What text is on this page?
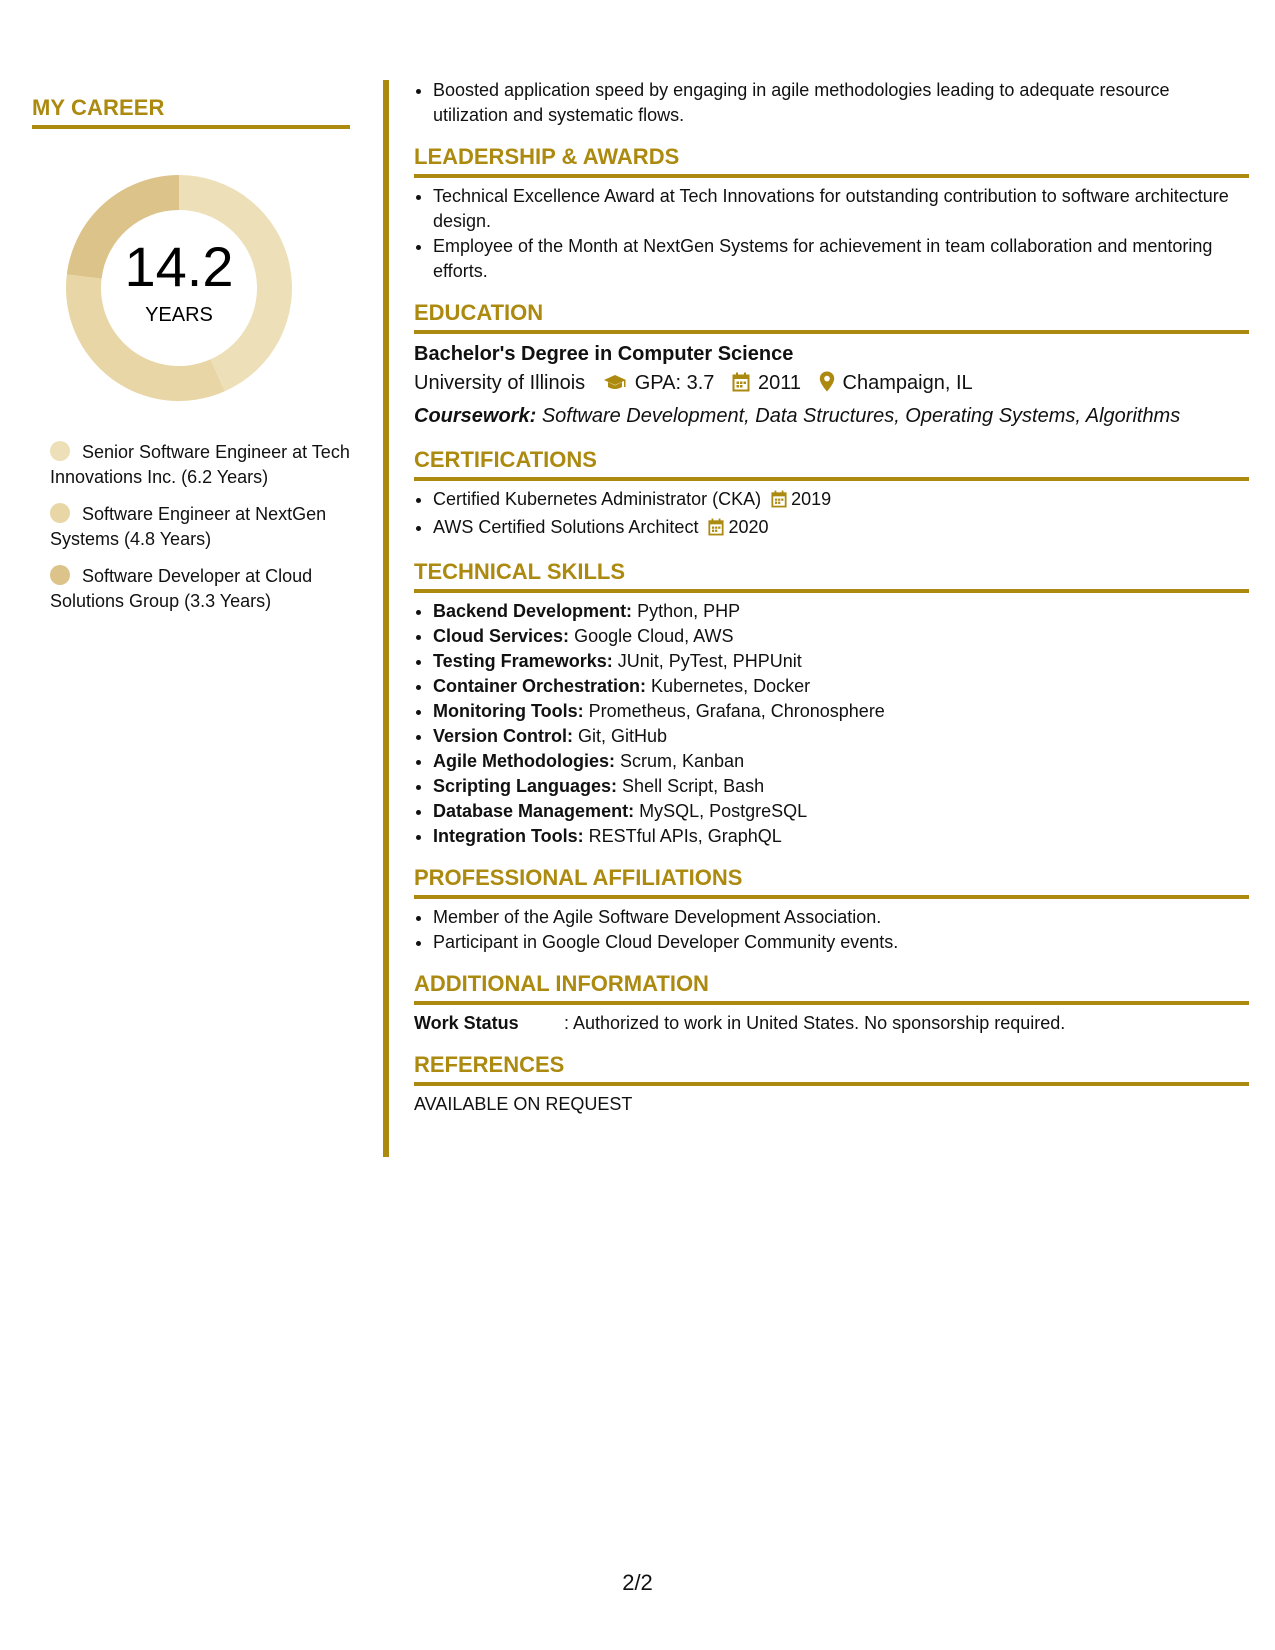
MY CAREER
14.2
YEARS
Senior Software Engineer at Tech Innovations Inc. (6.2 Years)
Software Engineer at NextGen Systems (4.8 Years)
Software Developer at Cloud Solutions Group (3.3 Years)
• Boosted application speed by engaging in agile methodologies leading to adequate resource utilization and systematic flows.
LEADERSHIP & AWARDS
• Technical Excellence Award at Tech Innovations for outstanding contribution to software architecture design.
• Employee of the Month at NextGen Systems for achievement in team collaboration and mentoring efforts.
EDUCATION
Bachelor's Degree in Computer Science
University of Illinois GPA: 3.7 2011 Champaign, IL
Coursework: Software Development, Data Structures, Operating Systems, Algorithms
CERTIFICATIONS
• Certified Kubernetes Administrator (CKA) 2019
• AWS Certified Solutions Architect 2020
TECHNICAL SKILLS
• Backend Development: Python, PHP
• Cloud Services: Google Cloud, AWS
• Testing Frameworks: JUnit, PyTest, PHPUnit
• Container Orchestration: Kubernetes, Docker
• Monitoring Tools: Prometheus, Grafana, Chronosphere
• Version Control: Git, GitHub
• Agile Methodologies: Scrum, Kanban
• Scripting Languages: Shell Script, Bash
• Database Management: MySQL, PostgreSQL
• Integration Tools: RESTful APIs, GraphQL
PROFESSIONAL AFFILIATIONS
• Member of the Agile Software Development Association.
• Participant in Google Cloud Developer Community events.
ADDITIONAL INFORMATION
Work Status	: Authorized to work in United States. No sponsorship required.
REFERENCES
AVAILABLE ON REQUEST
2/2
